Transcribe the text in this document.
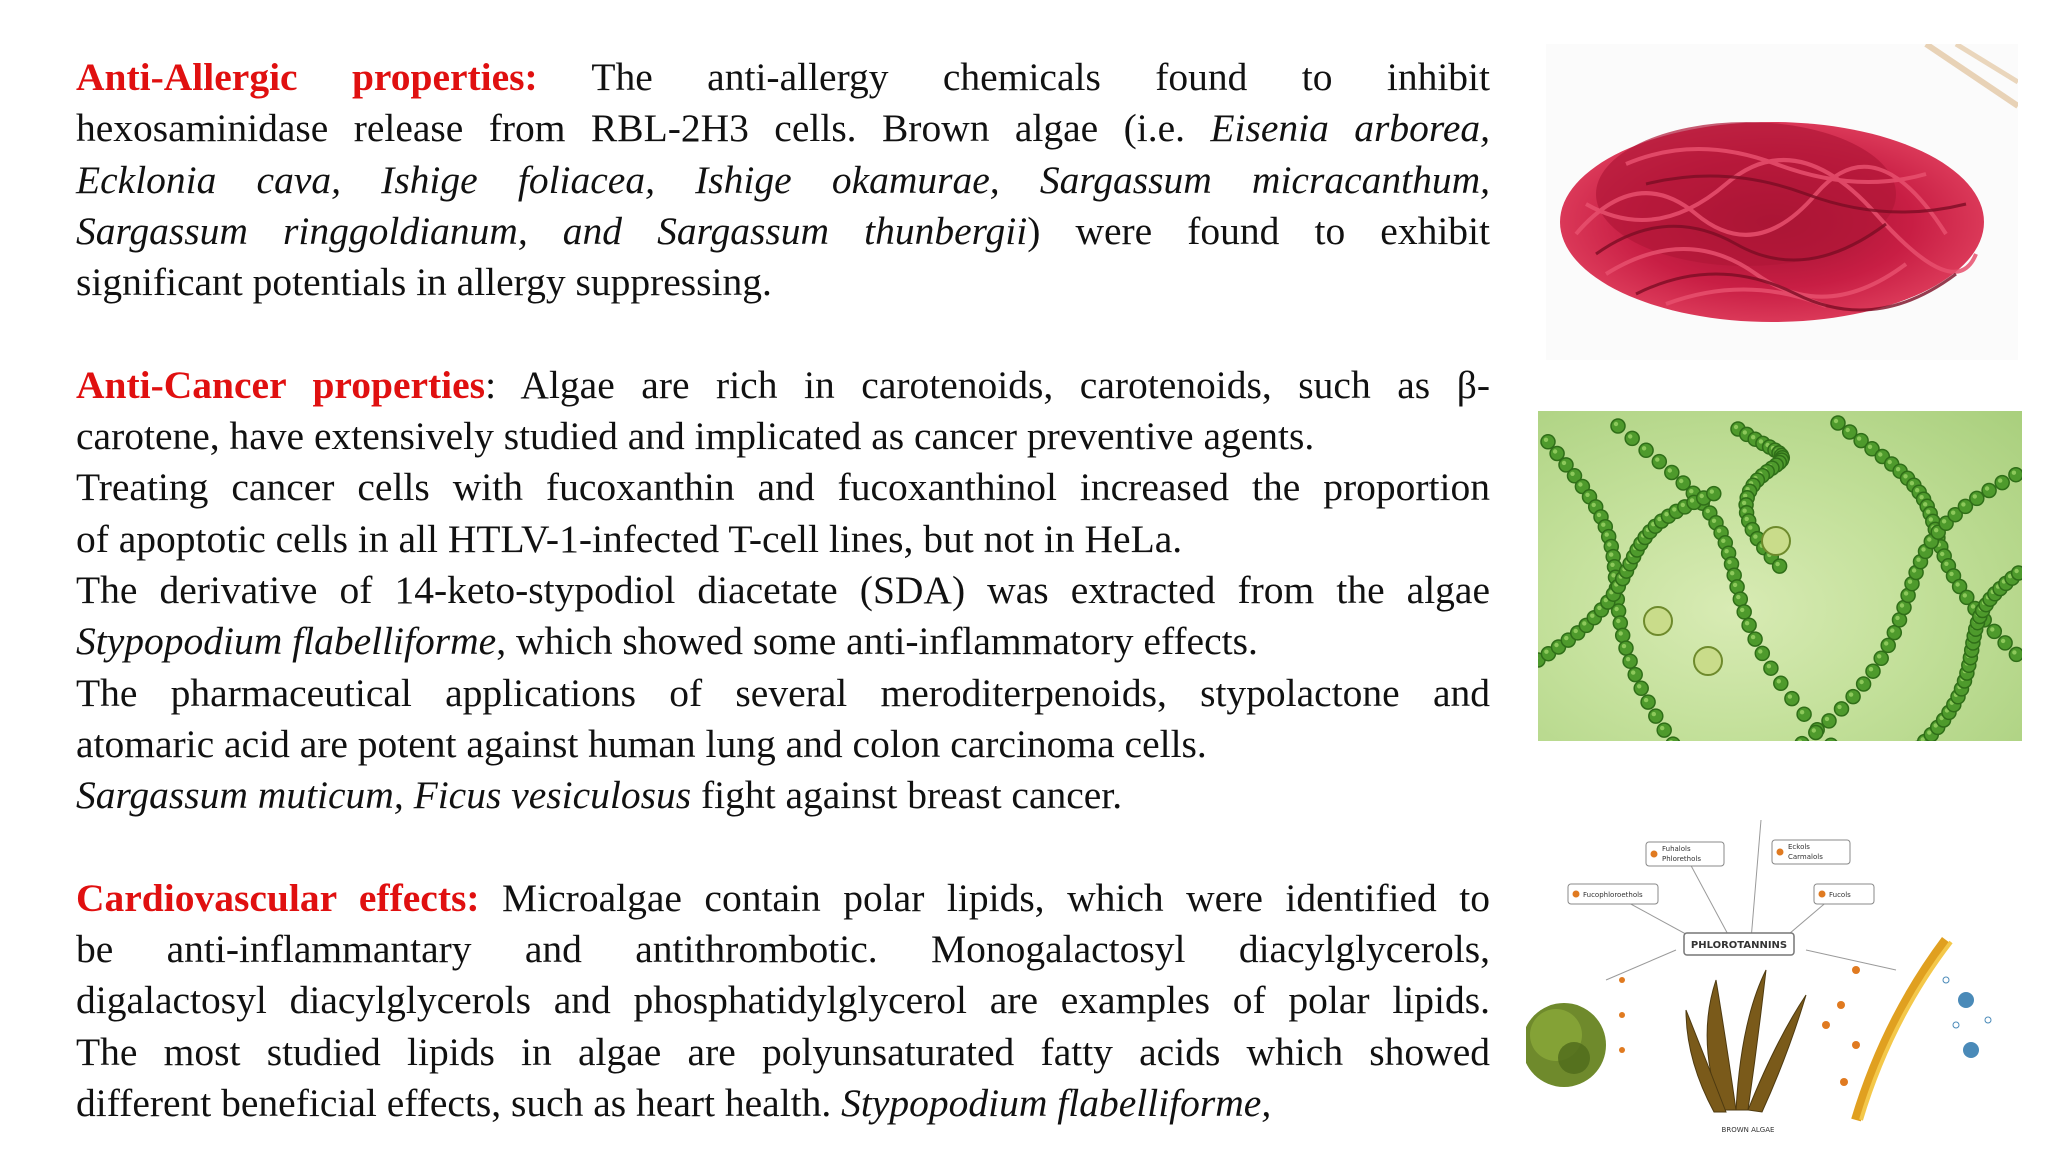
Anti-Allergic properties: The anti-allergy chemicals found to inhibit
hexosaminidase release from RBL-2H3 cells. Brown algae (i.e. Eisenia arborea,
Ecklonia cava, Ishige foliacea, Ishige okamurae, Sargassum micracanthum,
Sargassum ringgoldianum, and Sargassum thunbergii) were found to exhibit
significant potentials in allergy suppressing.

Anti-Cancer properties: Algae are rich in carotenoids, carotenoids, such as β-
carotene, have extensively studied and implicated as cancer preventive agents.
Treating cancer cells with fucoxanthin and fucoxanthinol increased the proportion
of apoptotic cells in all HTLV-1-infected T-cell lines, but not in HeLa.
The derivative of 14-keto-stypodiol diacetate (SDA) was extracted from the algae
Stypopodium flabelliforme, which showed some anti-inflammatory effects.
The pharmaceutical applications of several meroditerpenoids, stypolactone and
atomaric acid are potent against human lung and colon carcinoma cells.
Sargassum muticum, Ficus vesiculosus fight against breast cancer.

Cardiovascular effects: Microalgae contain polar lipids, which were identified to
be anti-inflammantary and antithrombotic. Monogalactosyl diacylglycerols,
digalactosyl diacylglycerols and phosphatidylglycerol are examples of polar lipids.
The most studied lipids in algae are polyunsaturated fatty acids which showed
different beneficial effects, such as heart health. Stypopodium flabelliforme,

Fuhalols
Phlorethols
Eckols
Carmalols
Fucophloroethols	Fucols
PHLOROTANNINS
BROWN ALGAE
